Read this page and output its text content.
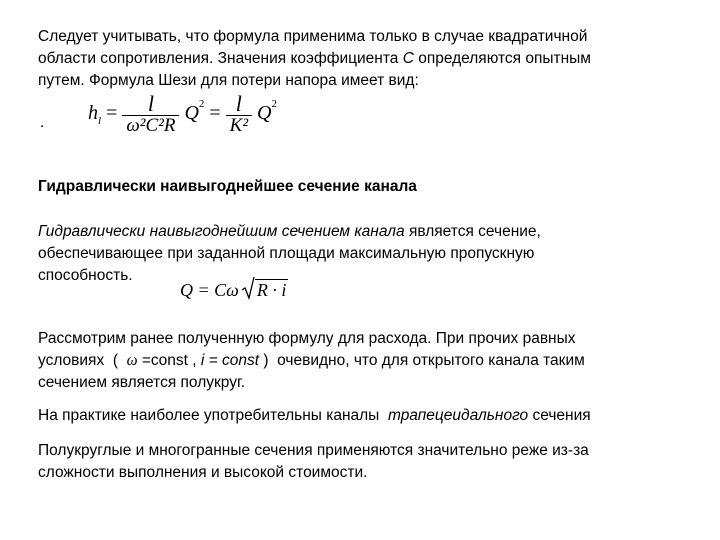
Следует учитывать, что формула применима только в случае квадратичной
области сопротивления. Значения коэффициента С определяются опытным
путем. Формула Шези для потери напора имеет вид:
.	$h_l = \frac{l}{\text{ω²C²R}} Q^2 = \frac{l}{\text{K²}} Q^2$
Гидравлически наивыгоднейшее сечение канала
Гидравлически наивыгоднейшим сечением канала является сечение,
обеспечивающее при заданной площади максимальную пропускную
способность.
Q = Cω R · i
Рассмотрим ранее полученную формулу для расхода. При прочих равных
условиях  (  ω =const , i = const )  очевидно, что для открытого канала таким
сечением является полукруг.
На практике наиболее употребительны каналы  трапецеидального сечения
Полукруглые и многогранные сечения применяются значительно реже из-за
сложности выполнения и высокой стоимости.
